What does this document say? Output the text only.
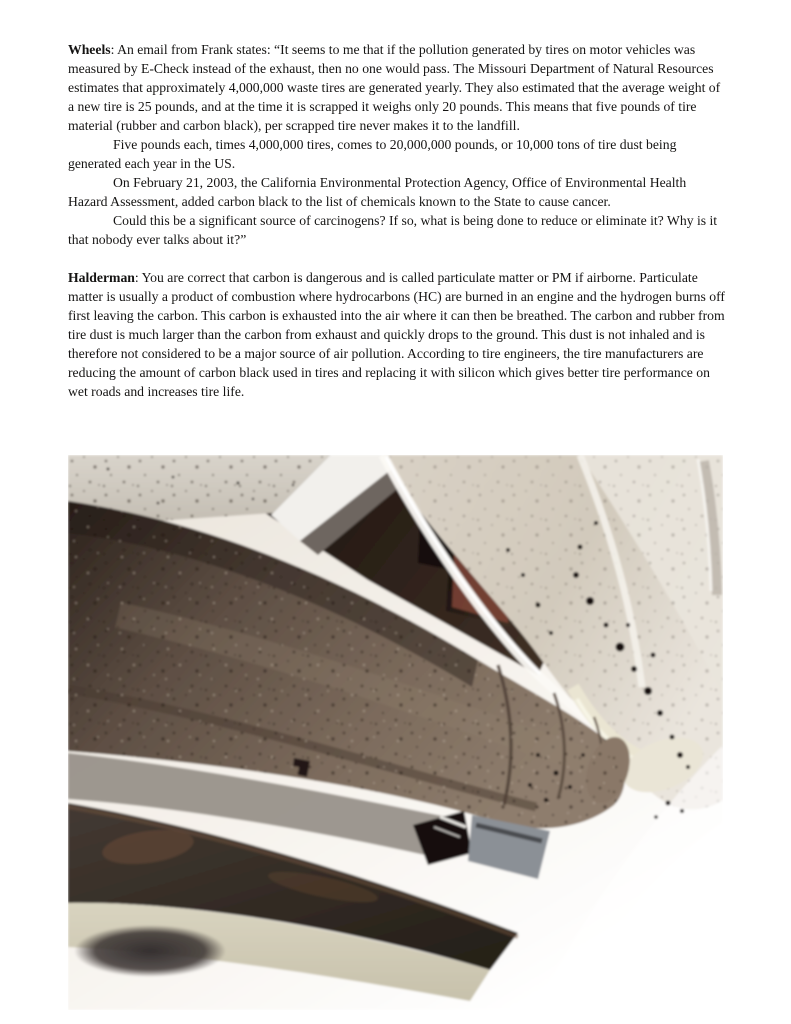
Wheels: An email from Frank states: “It seems to me that if the pollution generated by tires on motor vehicles was measured by E-Check instead of the exhaust, then no one would pass. The Missouri Department of Natural Resources estimates that approximately 4,000,000 waste tires are generated yearly. They also estimated that the average weight of a new tire is 25 pounds, and at the time it is scrapped it weighs only 20 pounds. This means that five pounds of tire material (rubber and carbon black), per scrapped tire never makes it to the landfill.

Five pounds each, times 4,000,000 tires, comes to 20,000,000 pounds, or 10,000 tons of tire dust being generated each year in the US.

On February 21, 2003, the California Environmental Protection Agency, Office of Environmental Health Hazard Assessment, added carbon black to the list of chemicals known to the State to cause cancer.

Could this be a significant source of carcinogens? If so, what is being done to reduce or eliminate it? Why is it that nobody ever talks about it?”

Halderman: You are correct that carbon is dangerous and is called particulate matter or PM if airborne. Particulate matter is usually a product of combustion where hydrocarbons (HC) are burned in an engine and the hydrogen burns off first leaving the carbon. This carbon is exhausted into the air where it can then be breathed. The carbon and rubber from tire dust is much larger than the carbon from exhaust and quickly drops to the ground. This dust is not inhaled and is therefore not considered to be a major source of air pollution. According to tire engineers, the tire manufacturers are reducing the amount of carbon black used in tires and replacing it with silicon which gives better tire performance on wet roads and increases tire life.
